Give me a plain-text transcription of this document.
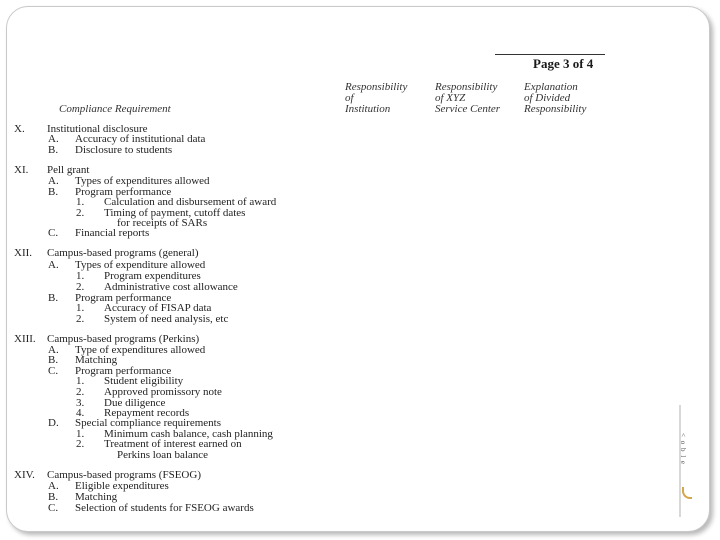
Page 3 of 4
Compliance Requirement
Responsibility
of
Institution
Responsibility
of XYZ
Service Center
Explanation
of Divided
Responsibility
X. Institutional disclosure
A. Accuracy of institutional data
B. Disclosure to students
XI. Pell grant
A. Types of expenditures allowed
B. Program performance
1. Calculation and disbursement of award
2. Timing of payment, cutoff dates
for receipts of SARs
C. Financial reports
XII. Campus-based programs (general)
A. Types of expenditure allowed
1. Program expenditures
2. Administrative cost allowance
B. Program performance
1. Accuracy of FISAP data
2. System of need analysis, etc
XIII. Campus-based programs (Perkins)
A. Type of expenditures allowed
B. Matching
C. Program performance
1. Student eligibility
2. Approved promissory note
3. Due diligence
4. Repayment records
D. Special compliance requirements
1. Minimum cash balance, cash planning
2. Treatment of interest earned on
Perkins loan balance
XIV. Campus-based programs (FSEOG)
A. Eligible expenditures
B. Matching
C. Selection of students for FSEOG awards
< o b l e
